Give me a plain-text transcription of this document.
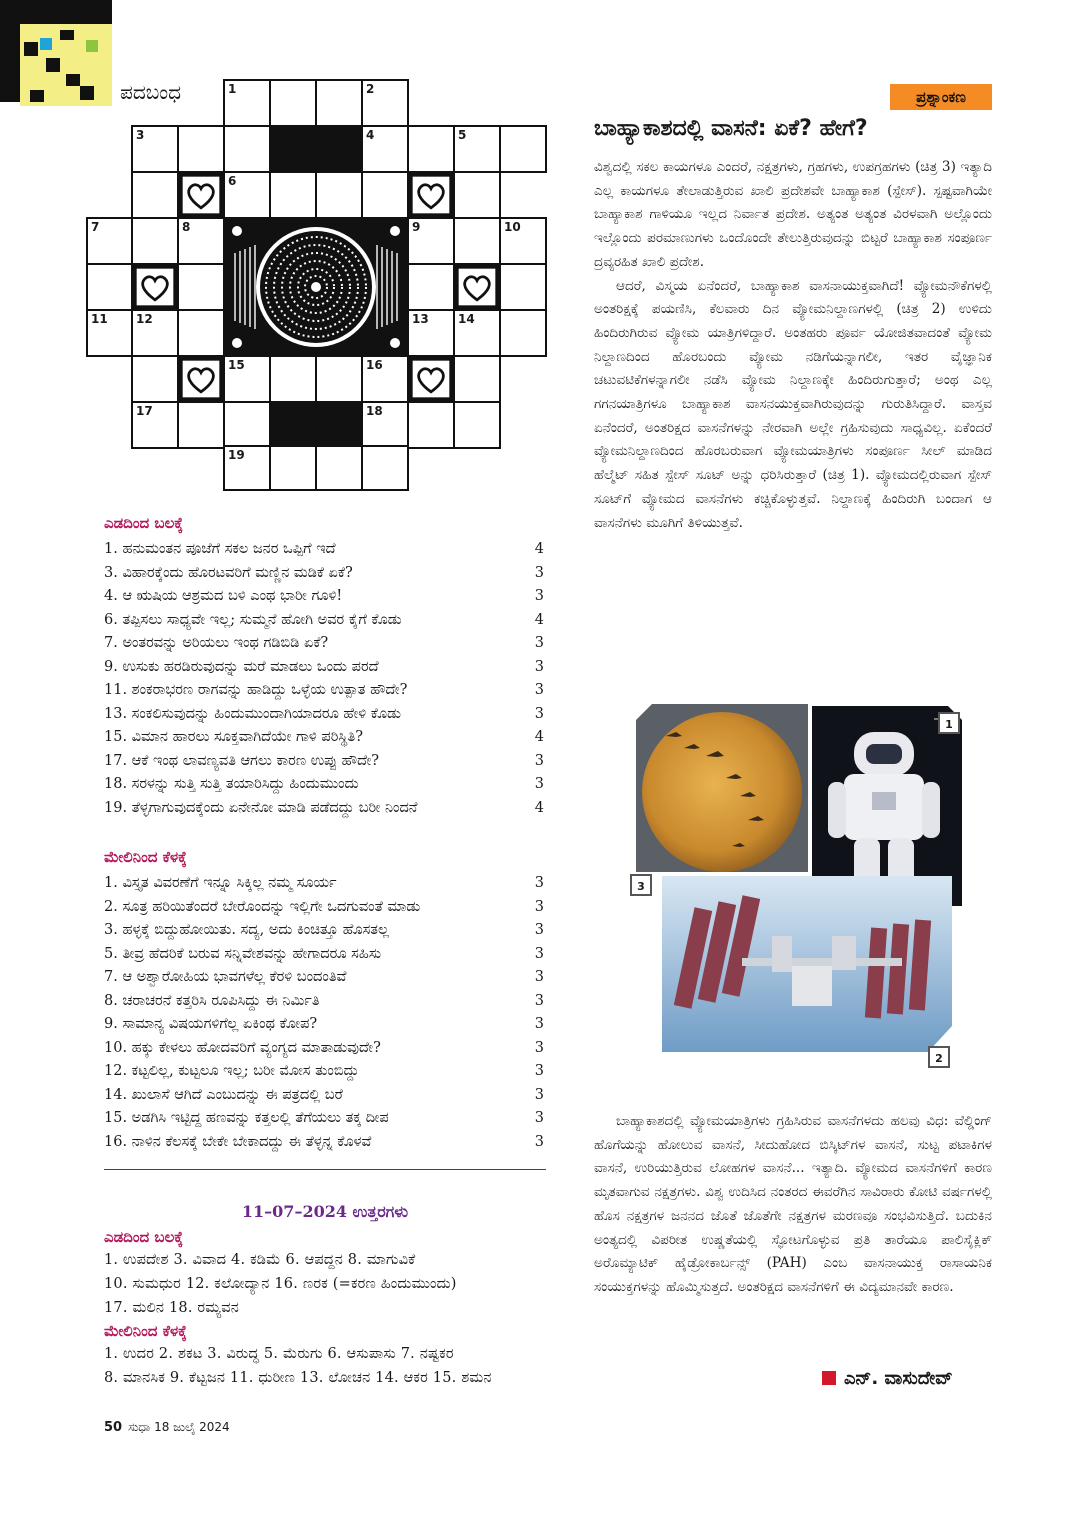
ಪದಬಂಧ	1	2
3	4	5
6
7	8	9	10
11 12	13 14
15	16
17	18
19
ಎಡದಿಂದ ಬಲಕ್ಕೆ
1. ಹನುಮಂತನ ಪೂಜೆಗೆ ಸಕಲ ಜನರ ಒಪ್ಪಿಗೆ ಇದೆ	4
3. ವಿಹಾರಕ್ಕೆಂದು ಹೊರಟವರಿಗೆ ಮಣ್ಣಿನ ಮಡಿಕೆ ಏಕೆ?	3
4. ಆ ಋಷಿಯ ಆಶ್ರಮದ ಬಳಿ ಎಂಥ ಭಾರೀ ಗೂಳಿ!	3
6. ತಪ್ಪಿಸಲು ಸಾಧ್ಯವೇ ಇಲ್ಲ; ಸುಮ್ಮನೆ ಹೋಗಿ ಅವರ ಕೈಗೆ ಕೊಡು	4
7. ಅಂತರವನ್ನು ಅರಿಯಲು ಇಂಥ ಗಡಿಬಿಡಿ ಏಕೆ?	3
9. ಉಸುಕು ಹರಡಿರುವುದನ್ನು ಮರೆ ಮಾಡಲು ಒಂದು ಪರದೆ	3
11. ಶಂಕರಾಭರಣ ರಾಗವನ್ನು ಹಾಡಿದ್ದು ಒಳ್ಳೆಯ ಉತ್ಪಾತ ಹೌದೇ?	3
13. ಸಂಕಲಿಸುವುದನ್ನು ಹಿಂದುಮುಂದಾಗಿಯಾದರೂ ಹೇಳಿ ಕೊಡು	3
15. ವಿಮಾನ ಹಾರಲು ಸೂಕ್ತವಾಗಿದೆಯೇ ಗಾಳಿ ಪರಿಸ್ಥಿತಿ?	4
17. ಆಕೆ ಇಂಥ ಲಾವಣ್ಯವತಿ ಆಗಲು ಕಾರಣ ಉಪ್ಪು ಹೌದೇ?	3
18. ಸರಳನ್ನು ಸುತ್ತಿ ಸುತ್ತಿ ತಯಾರಿಸಿದ್ದು ಹಿಂದುಮುಂದು	3
19. ತೆಳ್ಳಗಾಗುವುದಕ್ಕೆಂದು ಏನೇನೋ ಮಾಡಿ ಪಡೆದದ್ದು ಬರೀ ನಿಂದನೆ	4
ಮೇಲಿನಿಂದ ಕೆಳಕ್ಕೆ
1. ವಿಸ್ತೃತ ವಿವರಣೆಗೆ ಇನ್ನೂ ಸಿಕ್ಕಿಲ್ಲ ನಮ್ಮ ಸೂರ್ಯ	3
2. ಸೂತ್ರ ಹರಿಯಿತೆಂದರೆ ಬೇರೊಂದನ್ನು ಇಲ್ಲಿಗೇ ಒದಗುವಂತೆ ಮಾಡು	3
3. ಹಳ್ಳಕ್ಕೆ ಬಿದ್ದುಹೋಯಿತು. ಸದ್ಯ, ಅದು ಕಿಂಚಿತ್ತೂ ಹೊಸತಲ್ಲ	3
5. ತೀವ್ರ ಹೆದರಿಕೆ ಬರುವ ಸನ್ನಿವೇಶವನ್ನು ಹೇಗಾದರೂ ಸಹಿಸು	3
7. ಆ ಅಶ್ವಾರೋಹಿಯ ಭಾವಗಳೆಲ್ಲ ಕೆರಳಿ ಬಂದಂತಿವೆ	3
8. ಚರಾಚರನೆ ಕತ್ತರಿಸಿ ರೂಪಿಸಿದ್ದು ಈ ನಿರ್ಮಿತಿ	3
9. ಸಾಮಾನ್ಯ ವಿಷಯಗಳಿಗೆಲ್ಲ ಏಕಿಂಥ ಕೋಪ?	3
10. ಹಕ್ಕು ಕೇಳಲು ಹೋದವರಿಗೆ ವ್ಯಂಗ್ಯದ ಮಾತಾಡುವುದೇ?	3
12. ಕಟ್ಟಲಿಲ್ಲ, ಕುಟ್ಟಲೂ ಇಲ್ಲ; ಬರೀ ಮೋಸ ತುಂಬಿದ್ದು	3
14. ಖುಲಾಸೆ ಆಗಿದೆ ಎಂಬುದನ್ನು ಈ ಪತ್ರದಲ್ಲಿ ಬರೆ	3
15. ಅಡಗಿಸಿ ಇಟ್ಟಿದ್ದ ಹಣವನ್ನು ಕತ್ತಲಲ್ಲಿ ತೆಗೆಯಲು ತಕ್ಕ ದೀಪ	3
16. ನಾಳಿನ ಕೆಲಸಕ್ಕೆ ಬೇಕೇ ಬೇಕಾದದ್ದು ಈ ತೆಳ್ಳನ್ನ ಕೊಳವೆ	3
11–07–2024 ಉತ್ತರಗಳು
ಎಡದಿಂದ ಬಲಕ್ಕೆ
1. ಉಪದೇಶ 3. ವಿವಾದ 4. ಕಡಿಮೆ 6. ಆಪದ್ದನ 8. ಮಾಗುವಿಕೆ
10. ಸುಮಧುರ 12. ಕಲೋದ್ಯಾನ 16. ಣರಕ (=ಕರಣ ಹಿಂದುಮುಂದು)
17. ಮಲಿನ 18. ರಮ್ಯವನ
ಮೇಲಿನಿಂದ ಕೆಳಕ್ಕೆ
1. ಉದರ 2. ಶಕಟ 3. ವಿರುದ್ಧ 5. ಮೆರುಗು 6. ಆಸುಪಾಸು 7. ನಷ್ಟಕರ
8. ಮಾನಸಿಕ 9. ಕೆಟ್ಟಜನ 11. ಧುರೀಣ 13. ಲೋಚನ 14. ಆಕರ 15. ಶಮನ
50 ಸುಧಾ 18 ಜುಲೈ 2024
ಪ್ರಶ್ನಾಂಕಣ
ಬಾಹ್ಯಾಕಾಶದಲ್ಲಿ ವಾಸನೆ: ಏಕೆ? ಹೇಗೆ?

ವಿಶ್ವದಲ್ಲಿ ಸಕಲ ಕಾಯಗಳೂ ಎಂದರೆ, ನಕ್ಷತ್ರಗಳು, ಗ್ರಹಗಳು, ಉಪಗ್ರಹಗಳು (ಚಿತ್ರ 3) ಇತ್ಯಾದಿ ಎಲ್ಲ ಕಾಯಗಳೂ ತೇಲಾಡುತ್ತಿರುವ ಖಾಲಿ ಪ್ರದೇಶವೇ ಬಾಹ್ಯಾಕಾಶ (ಸ್ಪೇಸ್). ಸ್ಪಷ್ಟವಾಗಿಯೇ ಬಾಹ್ಯಾಕಾಶ ಗಾಳಿಯೂ ಇಲ್ಲದ ನಿರ್ವಾತ ಪ್ರದೇಶ. ಅತ್ಯಂತ ಅತ್ಯಂತ ವಿರಳವಾಗಿ ಅಲ್ಲೊಂದು ಇಲ್ಲೊಂದು ಪರಮಾಣುಗಳು ಒಂದೊಂದೇ ತೇಲುತ್ತಿರುವುದನ್ನು ಬಿಟ್ಟರೆ ಬಾಹ್ಯಾಕಾಶ ಸಂಪೂರ್ಣ ದ್ರವ್ಯರಹಿತ ಖಾಲಿ ಪ್ರದೇಶ.

ಆದರೆ, ವಿಸ್ಮಯ ಏನೆಂದರೆ, ಬಾಹ್ಯಾಕಾಶ ವಾಸನಾಯುಕ್ತವಾಗಿದೆ! ವ್ಯೋಮನೌಕೆಗಳಲ್ಲಿ ಅಂತರಿಕ್ಷಕ್ಕೆ ಪಯಣಿಸಿ, ಕೆಲವಾರು ದಿನ ವ್ಯೋಮನಿಲ್ದಾಣಗಳಲ್ಲಿ (ಚಿತ್ರ 2) ಉಳಿದು ಹಿಂದಿರುಗಿರುವ ವ್ಯೋಮ ಯಾತ್ರಿಗಳಿದ್ದಾರೆ. ಅಂತಹರು ಪೂರ್ವ ಯೋಜಿತವಾದಂತೆ ವ್ಯೋಮ ನಿಲ್ದಾಣದಿಂದ ಹೊರಬಂದು ವ್ಯೋಮ ನಡಿಗೆಯನ್ನಾಗಲೀ, ಇತರ ವೈಜ್ಞಾನಿಕ ಚಟುವಟಿಕೆಗಳನ್ನಾಗಲೀ ನಡೆಸಿ ವ್ಯೋಮ ನಿಲ್ದಾಣಕ್ಕೇ ಹಿಂದಿರುಗುತ್ತಾರೆ; ಅಂಥ ಎಲ್ಲ ಗಗನಯಾತ್ರಿಗಳೂ ಬಾಹ್ಯಾಕಾಶ ವಾಸನಯುಕ್ತವಾಗಿರುವುದನ್ನು ಗುರುತಿಸಿದ್ದಾರೆ. ವಾಸ್ತವ ಏನೆಂದರೆ, ಅಂತರಿಕ್ಷದ ವಾಸನೆಗಳನ್ನು ನೇರವಾಗಿ ಅಲ್ಲೇ ಗ್ರಹಿಸುವುದು ಸಾಧ್ಯವಿಲ್ಲ. ಏಕೆಂದರೆ ವ್ಯೋಮನಿಲ್ದಾಣದಿಂದ ಹೊರಬರುವಾಗ ವ್ಯೋಮಯಾತ್ರಿಗಳು ಸಂಪೂರ್ಣ ಸೀಲ್ ಮಾಡಿದ ಹೆಲ್ಮೆಟ್ ಸಹಿತ ಸ್ಪೇಸ್ ಸೂಟ್ ಅನ್ನು ಧರಿಸಿರುತ್ತಾರೆ (ಚಿತ್ರ 1). ವ್ಯೋಮದಲ್ಲಿರುವಾಗ ಸ್ಪೇಸ್ ಸೂಟ್‌ಗೆ ವ್ಯೋಮದ ವಾಸನೆಗಳು ಕಚ್ಚಿಕೊಳ್ಳುತ್ತವೆ. ನಿಲ್ದಾಣಕ್ಕೆ ಹಿಂದಿರುಗಿ ಬಂದಾಗ ಆ ವಾಸನೆಗಳು ಮೂಗಿಗೆ ತಿಳಿಯುತ್ತವೆ.

1
2
3

ಬಾಹ್ಯಾಕಾಶದಲ್ಲಿ ವ್ಯೋಮಯಾತ್ರಿಗಳು ಗ್ರಹಿಸಿರುವ ವಾಸನೆಗಳದು ಹಲವು ವಿಧ: ವೆಲ್ಡಿಂಗ್ ಹೊಗೆಯನ್ನು ಹೋಲುವ ವಾಸನೆ, ಸೀದುಹೋದ ಬಿಸ್ಕಿಟ್‌ಗಳ ವಾಸನೆ, ಸುಟ್ಟ ಪಟಾಕಿಗಳ ವಾಸನೆ, ಉರಿಯುತ್ತಿರುವ ಲೋಹಗಳ ವಾಸನೆ... ಇತ್ಯಾದಿ. ವ್ಯೋಮದ ವಾಸನೆಗಳಿಗೆ ಕಾರಣ ಮೃತವಾಗುವ ನಕ್ಷತ್ರಗಳು. ವಿಶ್ವ ಉದಿಸಿದ ನಂತರದ ಈವರೆಗಿನ ಸಾವಿರಾರು ಕೋಟಿ ವರ್ಷಗಳಲ್ಲಿ ಹೊಸ ನಕ್ಷತ್ರಗಳ ಜನನದ ಜೊತೆ ಜೊತೆಗೇ ನಕ್ಷತ್ರಗಳ ಮರಣವೂ ಸಂಭವಿಸುತ್ತಿದೆ. ಬದುಕಿನ ಅಂತ್ಯದಲ್ಲಿ ವಿಪರೀತ ಉಷ್ಣತೆಯಲ್ಲಿ ಸ್ಫೋಟಗೊಳ್ಳುವ ಪ್ರತಿ ತಾರೆಯೂ ಪಾಲಿಸೈಕ್ಲಿಕ್ ಅರೊಮ್ಯಾಟಿಕ್ ಹೈಡ್ರೋಕಾರ್ಬನ್ಸ್ (PAH) ಎಂಬ ವಾಸನಾಯುಕ್ತ ರಾಸಾಯನಿಕ ಸಂಯುಕ್ತಗಳನ್ನು ಹೊಮ್ಮಿಸುತ್ತದೆ. ಅಂತರಿಕ್ಷದ ವಾಸನೆಗಳಿಗೆ ಈ ವಿದ್ಯಮಾನವೇ ಕಾರಣ.

ಎನ್. ವಾಸುದೇವ್
